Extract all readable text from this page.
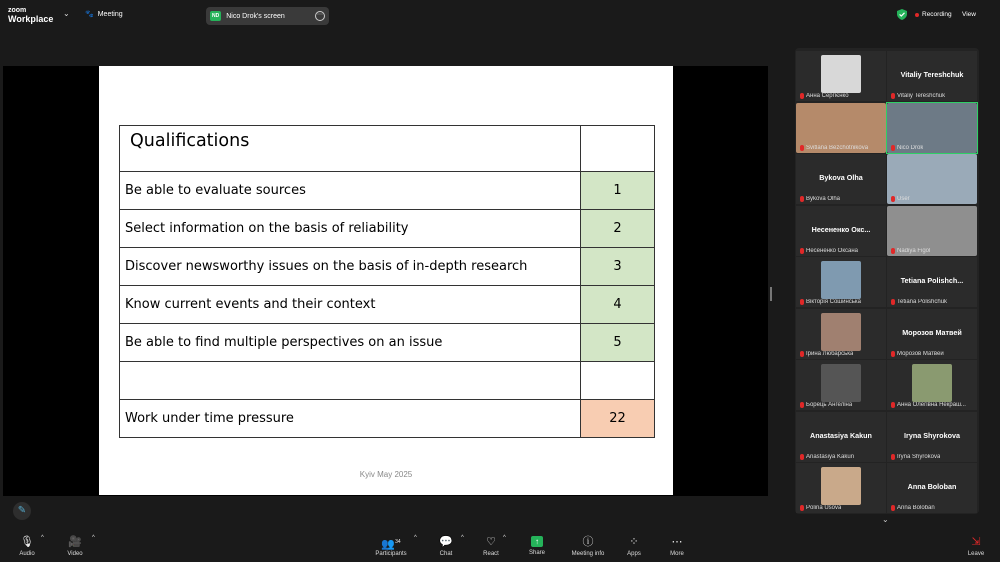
zoom
Workplace
⌄ 🐾 Meeting	ND Nico Drok's screen	⋯	Recording View
Qualifications	
Be able to evaluate sources	1
Select information on the basis of reliability	2
Discover newsworthy issues on the basis of in-depth research	3
Know current events and their context	4
Be able to find multiple perspectives on an issue	5

Work under time pressure	22
Kyiv May 2025
✎
Анна Сергієнко
Vitaliy Tereshchuk
Vitaliy Tereshchuk
Svitlana Bezchotnikova	Nico Drok
Bykova Olha
Bykova Olha	User
Несененко Окс...
Несененко Оксана	Nadiya Figol
Вікторія Сошинська
Tetiana Polishch...
Tetiana Polishchuk
Ірина Любарська
Морозов Матвей
Морозов Матвей
Борець Ангеліна	Анна Олегівна Некраш...
Anastasiya Kakun
Anastasiya Kakun
Iryna Shyrokova
Iryna Shyrokova
Polina Usova
Anna Boloban
Anna Boloban
⌄
🎙
Audio
^	🎥
Video
^
👥$^{34}$
Participants
^ 💬
Chat
^	♡
React
^	↑
Share
ⓘ
Meeting info
⁘
Apps
⋯
More
⇲
Leave
